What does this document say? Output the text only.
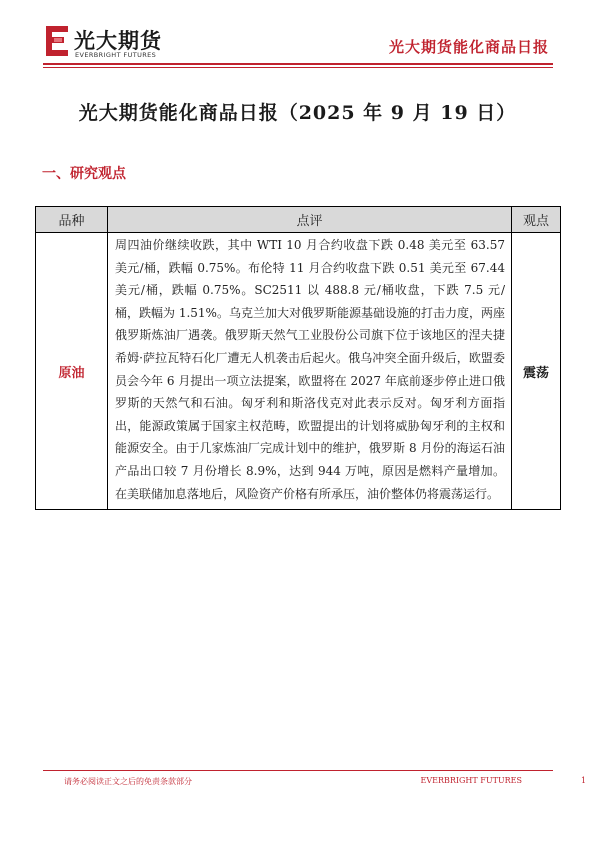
光大期货
EVERBRIGHT FUTURES	光大期货能化商品日报
光大期货能化商品日报（2025 年 9 月 19 日）
一、研究观点
品种	点评	观点
原油	周四油价继续收跌，其中 WTI 10 月合约收盘下跌 0.48 美元至 63.57 美元/桶，跌幅 0.75%。布伦特 11 月合约收盘下跌 0.51 美元至 67.44 美元/桶，跌幅 0.75%。SC2511 以 488.8 元/桶收盘，下跌 7.5 元/桶，跌幅为 1.51%。乌克兰加大对俄罗斯能源基础设施的打击力度，两座俄罗斯炼油厂遇袭。俄罗斯天然气工业股份公司旗下位于该地区的涅夫捷希姆·萨拉瓦特石化厂遭无人机袭击后起火。俄乌冲突全面升级后，欧盟委员会今年 6 月提出一项立法提案，欧盟将在 2027 年底前逐步停止进口俄罗斯的天然气和石油。匈牙利和斯洛伐克对此表示反对。匈牙利方面指出，能源政策属于国家主权范畴，欧盟提出的计划将威胁匈牙利的主权和能源安全。由于几家炼油厂完成计划中的维护，俄罗斯 8 月份的海运石油产品出口较 7 月份增长 8.9%，达到 944 万吨，原因是燃料产量增加。在美联储加息落地后，风险资产价格有所承压，油价整体仍将震荡运行。	震荡
请务必阅读正文之后的免责条款部分	EVERBRIGHT FUTURES	1
